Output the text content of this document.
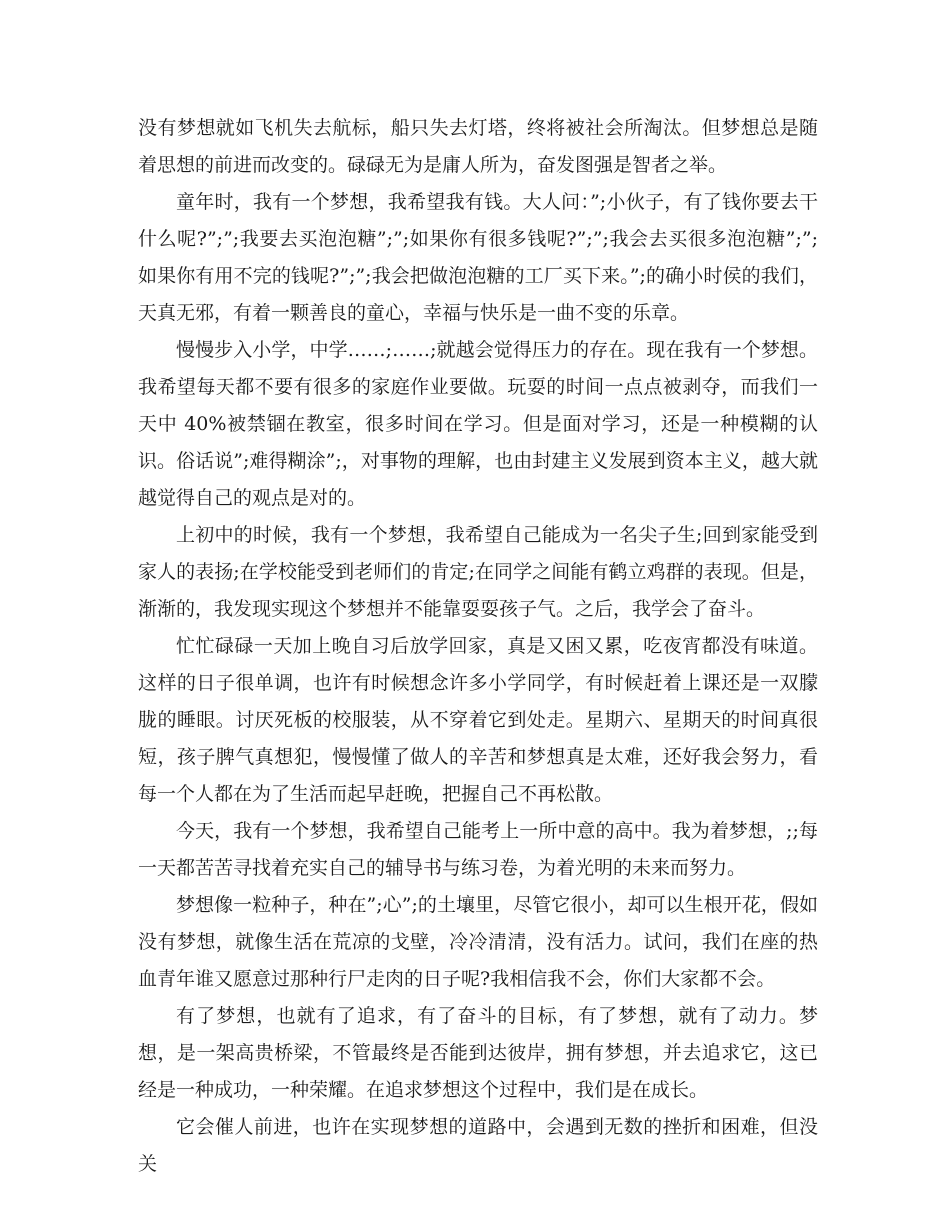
没有梦想就如飞机失去航标，船只失去灯塔，终将被社会所淘汰。但梦想总是随着思想的前进而改变的。碌碌无为是庸人所为，奋发图强是智者之举。

童年时，我有一个梦想，我希望我有钱。大人问：”;小伙子，有了钱你要去干什么呢?”;”;我要去买泡泡糖”;”;如果你有很多钱呢?”;”;我会去买很多泡泡糖”;”;如果你有用不完的钱呢?”;”;我会把做泡泡糖的工厂买下来。”;的确小时侯的我们，天真无邪，有着一颗善良的童心，幸福与快乐是一曲不变的乐章。

慢慢步入小学，中学……;……;就越会觉得压力的存在。现在我有一个梦想。我希望每天都不要有很多的家庭作业要做。玩耍的时间一点点被剥夺，而我们一天中 40%被禁锢在教室，很多时间在学习。但是面对学习，还是一种模糊的认识。俗话说”;难得糊涂”;，对事物的理解，也由封建主义发展到资本主义，越大就越觉得自己的观点是对的。

上初中的时候，我有一个梦想，我希望自己能成为一名尖子生;回到家能受到家人的表扬;在学校能受到老师们的肯定;在同学之间能有鹤立鸡群的表现。但是，渐渐的，我发现实现这个梦想并不能靠耍耍孩子气。之后，我学会了奋斗。

忙忙碌碌一天加上晚自习后放学回家，真是又困又累，吃夜宵都没有味道。这样的日子很单调，也许有时候想念许多小学同学，有时候赶着上课还是一双朦胧的睡眼。讨厌死板的校服装，从不穿着它到处走。星期六、星期天的时间真很短，孩子脾气真想犯，慢慢懂了做人的辛苦和梦想真是太难，还好我会努力，看每一个人都在为了生活而起早赶晚，把握自己不再松散。

今天，我有一个梦想，我希望自己能考上一所中意的高中。我为着梦想，;;每一天都苦苦寻找着充实自己的辅导书与练习卷，为着光明的未来而努力。

梦想像一粒种子，种在”;心”;的土壤里，尽管它很小，却可以生根开花，假如没有梦想，就像生活在荒凉的戈壁，冷冷清清，没有活力。试问，我们在座的热血青年谁又愿意过那种行尸走肉的日子呢?我相信我不会，你们大家都不会。

有了梦想，也就有了追求，有了奋斗的目标，有了梦想，就有了动力。梦想，是一架高贵桥梁，不管最终是否能到达彼岸，拥有梦想，并去追求它，这已经是一种成功，一种荣耀。在追求梦想这个过程中，我们是在成长。

它会催人前进，也许在实现梦想的道路中，会遇到无数的挫折和困难，但没关
